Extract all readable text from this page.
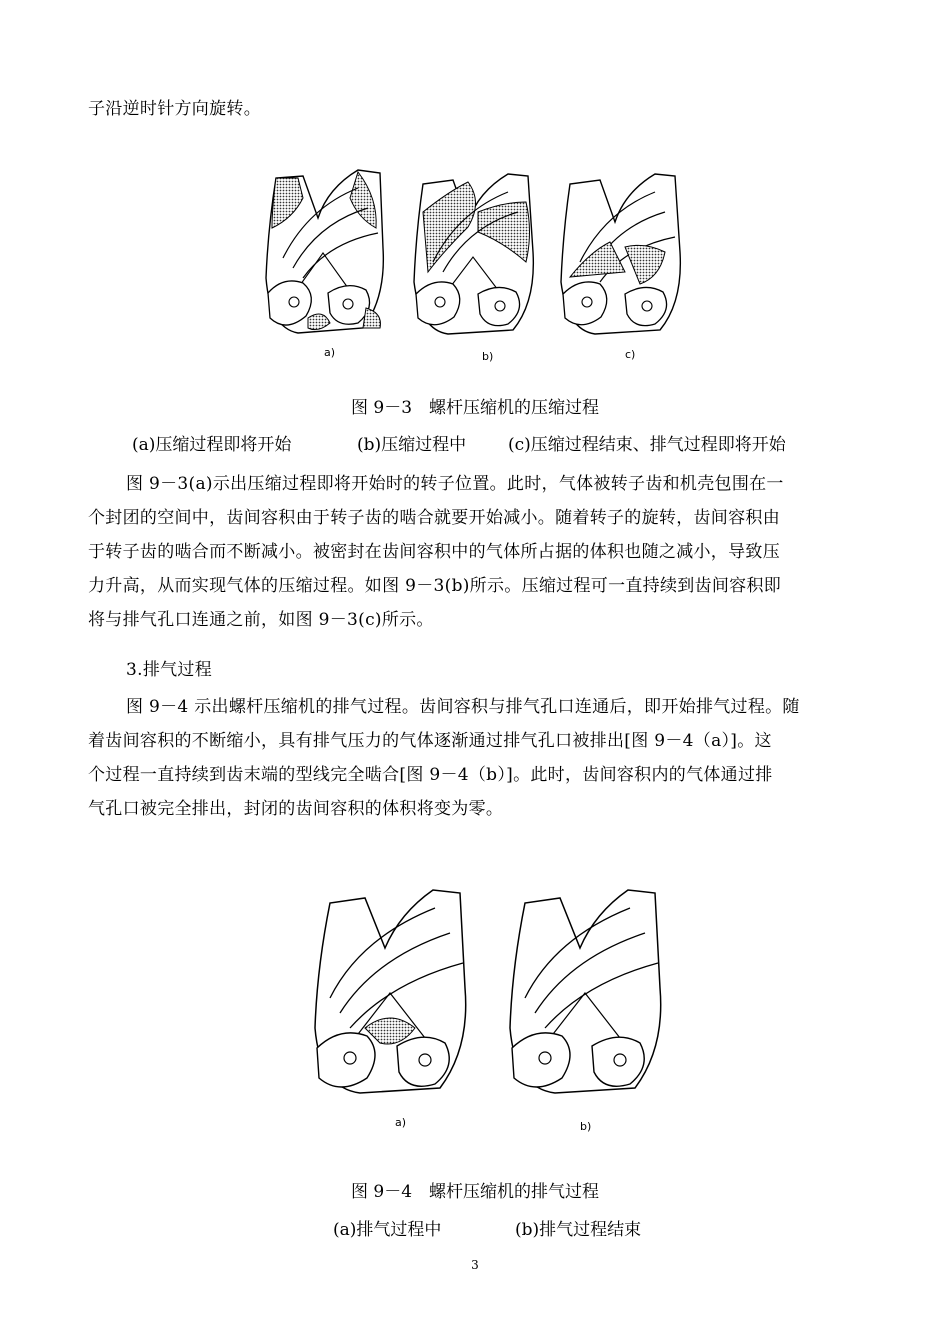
子沿逆时针方向旋转。

a)	b)	c)
图 9－3　螺杆压缩机的压缩过程
(a)压缩过程即将开始	(b)压缩过程中 (c)压缩过程结束、排气过程即将开始

图 9－3(a)示出压缩过程即将开始时的转子位置。此时，气体被转子齿和机壳包围在一
个封团的空间中，齿间容积由于转子齿的啮合就要开始减小。随着转子的旋转，齿间容积由
于转子齿的啮合而不断减小。被密封在齿间容积中的气体所占据的体积也随之减小，导致压
力升高，从而实现气体的压缩过程。如图 9－3(b)所示。压缩过程可一直持续到齿间容积即
将与排气孔口连通之前，如图 9－3(c)所示。

3.排气过程

图 9－4 示出螺杆压缩机的排气过程。齿间容积与排气孔口连通后，即开始排气过程。随
着齿间容积的不断缩小，具有排气压力的气体逐渐通过排气孔口被排出[图 9－4（a）]。这
个过程一直持续到齿末端的型线完全啮合[图 9－4（b）]。此时，齿间容积内的气体通过排
气孔口被完全排出，封闭的齿间容积的体积将变为零。

a)	b)
图 9－4　螺杆压缩机的排气过程
(a)排气过程中	(b)排气过程结束
3
